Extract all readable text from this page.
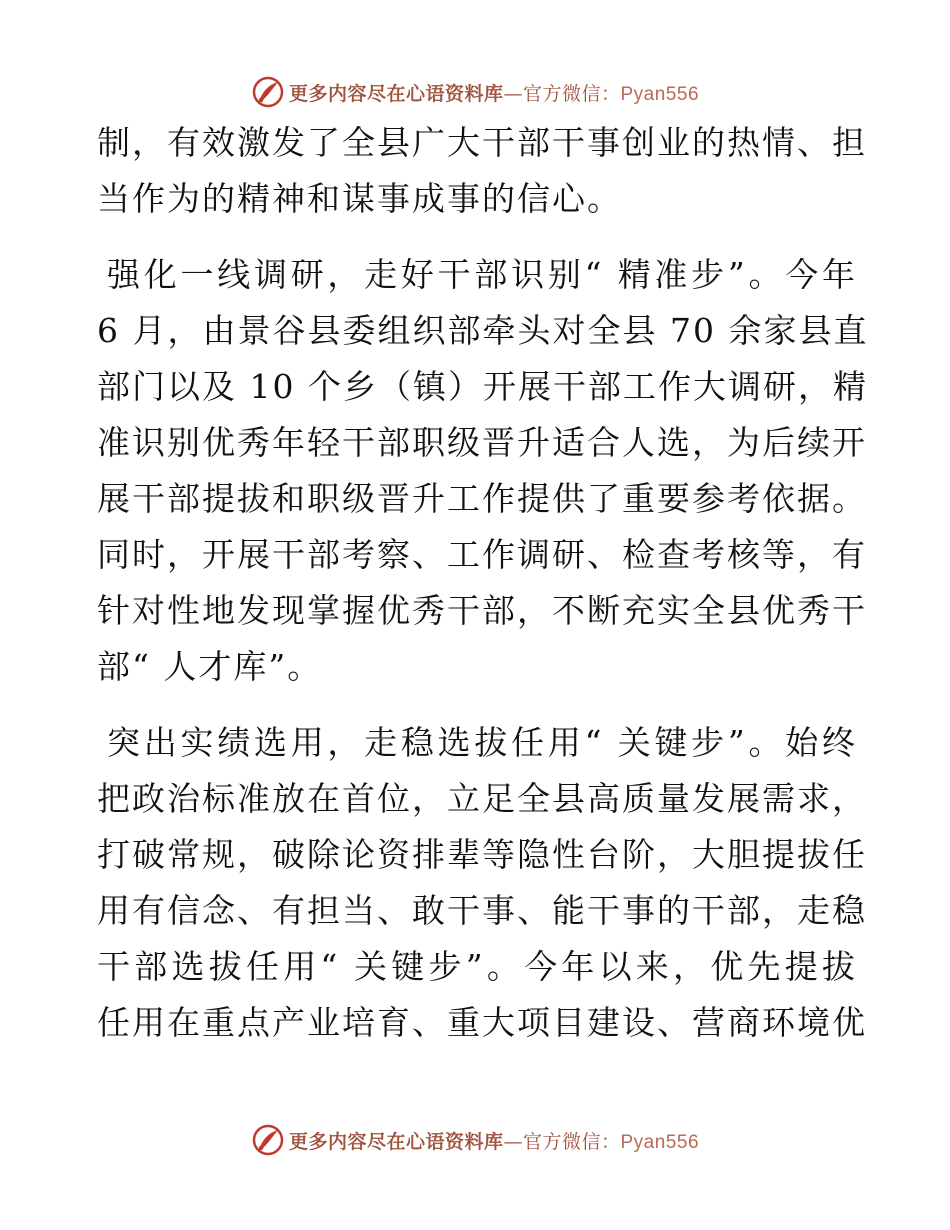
更多内容尽在心语资料库—官方微信：Pyan556
制，有效激发了全县广大干部干事创业的热情、担
当作为的精神和谋事成事的信心。
强化一线调研，走好干部识别“ 精准步”。今年
6 月，由景谷县委组织部牵头对全县 70 余家县直
部门以及 10 个乡（镇）开展干部工作大调研，精
准识别优秀年轻干部职级晋升适合人选，为后续开
展干部提拔和职级晋升工作提供了重要参考依据。
同时，开展干部考察、工作调研、检查考核等，有
针对性地发现掌握优秀干部，不断充实全县优秀干
部“ 人才库”。
突出实绩选用，走稳选拔任用“ 关键步”。始终
把政治标准放在首位，立足全县高质量发展需求，
打破常规，破除论资排辈等隐性台阶，大胆提拔任
用有信念、有担当、敢干事、能干事的干部，走稳
干部选拔任用“ 关键步”。今年以来，优先提拔
任用在重点产业培育、重大项目建设、营商环境优
更多内容尽在心语资料库—官方微信：Pyan556
